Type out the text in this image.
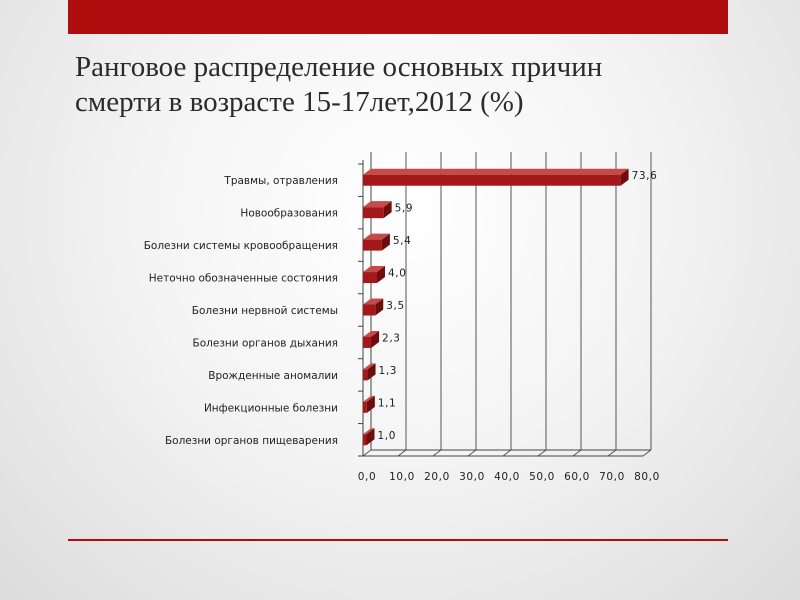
Ранговое распределение основных причин
смерти в возрасте 15-17лет,2012 (%)
73,6
5,9
5,4
4,0
3,5
2,3
1,3
1,1
1,0
Травмы, отравления
Новообразования
Болезни системы кровообращения
Неточно обозначенные состояния
Болезни нервной системы
Болезни органов дыхания
Врожденные аномалии
Инфекционные болезни
Болезни органов пищеварения
0,0 10,0 20,0 30,0 40,0 50,0 60,0 70,0 80,0
